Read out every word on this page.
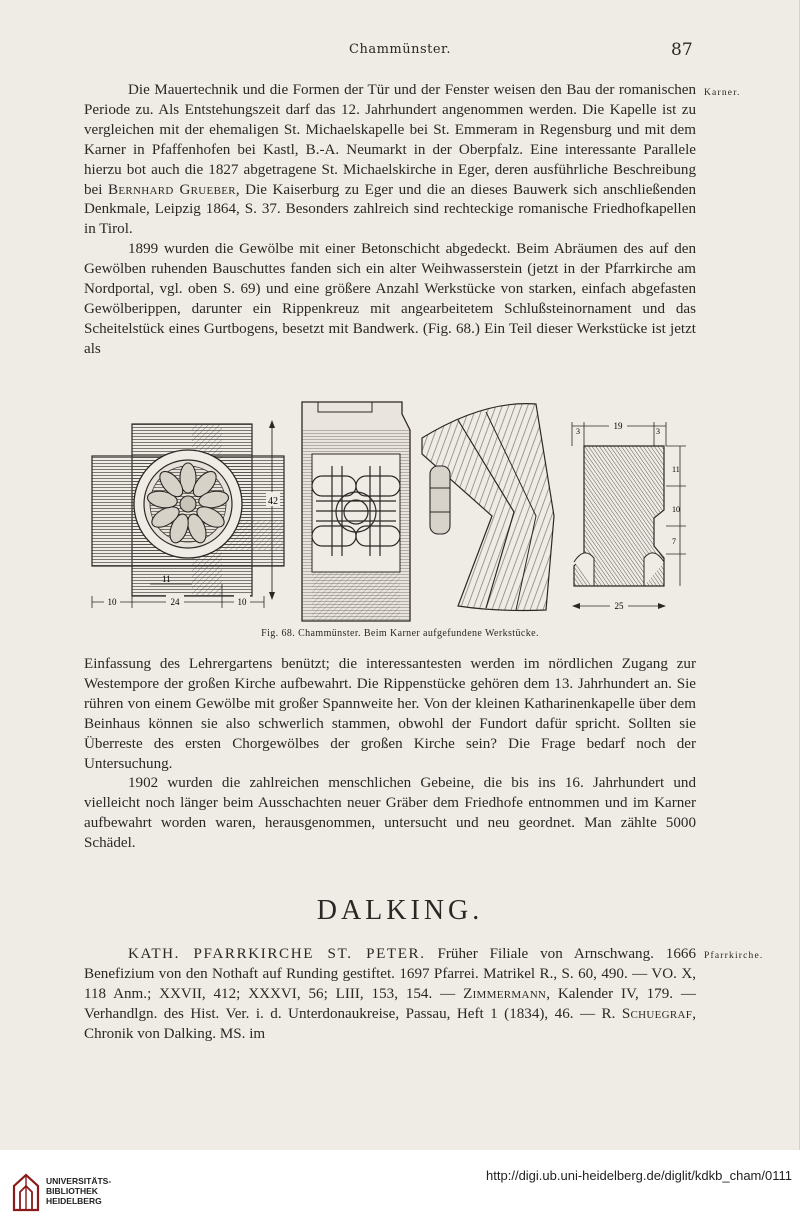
Chammünster.	87
Karner.

Die Mauertechnik und die Formen der Tür und der Fenster weisen den Bau der romanischen Periode zu. Als Entstehungszeit darf das 12. Jahrhundert angenommen werden. Die Kapelle ist zu vergleichen mit der ehemaligen St. Michaelskapelle bei St. Emmeram in Regensburg und mit dem Karner in Pfaffenhofen bei Kastl, B.-A. Neumarkt in der Oberpfalz. Eine interessante Parallele hierzu bot auch die 1827 abgetragene St. Michaelskirche in Eger, deren ausführliche Beschreibung bei Bernhard Grueber, Die Kaiserburg zu Eger und die an dieses Bauwerk sich anschließenden Denkmale, Leipzig 1864, S. 37. Besonders zahlreich sind rechteckige romanische Friedhofkapellen in Tirol.

1899 wurden die Gewölbe mit einer Betonschicht abgedeckt. Beim Abräumen des auf den Gewölben ruhenden Bauschuttes fanden sich ein alter Weihwasserstein (jetzt in der Pfarrkirche am Nordportal, vgl. oben S. 69) und eine größere Anzahl Werkstücke von starken, einfach abgefasten Gewölberippen, darunter ein Rippenkreuz mit angearbeitetem Schlußsteinornament und das Scheitelstück eines Gurtbogens, besetzt mit Bandwerk. (Fig. 68.) Ein Teil dieser Werkstücke ist jetzt als

42
11
10	24	10
3
19
3
11
10
7
25
Fig. 68. Chammünster. Beim Karner aufgefundene Werkstücke.

Einfassung des Lehrergartens benützt; die interessantesten werden im nördlichen Zugang zur Westempore der großen Kirche aufbewahrt. Die Rippenstücke gehören dem 13. Jahrhundert an. Sie rühren von einem Gewölbe mit großer Spannweite her. Von der kleinen Katharinenkapelle über dem Beinhaus können sie also schwerlich stammen, obwohl der Fundort dafür spricht. Sollten sie Überreste des ersten Chorgewölbes der großen Kirche sein? Die Frage bedarf noch der Untersuchung.

1902 wurden die zahlreichen menschlichen Gebeine, die bis ins 16. Jahrhundert und vielleicht noch länger beim Ausschachten neuer Gräber dem Friedhofe entnommen und im Karner aufbewahrt worden waren, herausgenommen, untersucht und neu geordnet. Man zählte 5000 Schädel.

DALKING.
Pfarrkirche.

KATH. PFARRKIRCHE ST. PETER. Früher Filiale von Arnschwang. 1666 Benefizium von den Nothaft auf Runding gestiftet. 1697 Pfarrei. Matrikel R., S. 60, 490. — VO. X, 118 Anm.; XXVII, 412; XXXVI, 56; LIII, 153, 154. — Zimmermann, Kalender IV, 179. — Verhandlgn. des Hist. Ver. i. d. Unterdonaukreise, Passau, Heft 1 (1834), 46. — R. Schuegraf, Chronik von Dalking. MS. im

UNIVERSITÄTS-
BIBLIOTHEK
HEIDELBERG
http://digi.ub.uni-heidelberg.de/diglit/kdkb_cham/0111
